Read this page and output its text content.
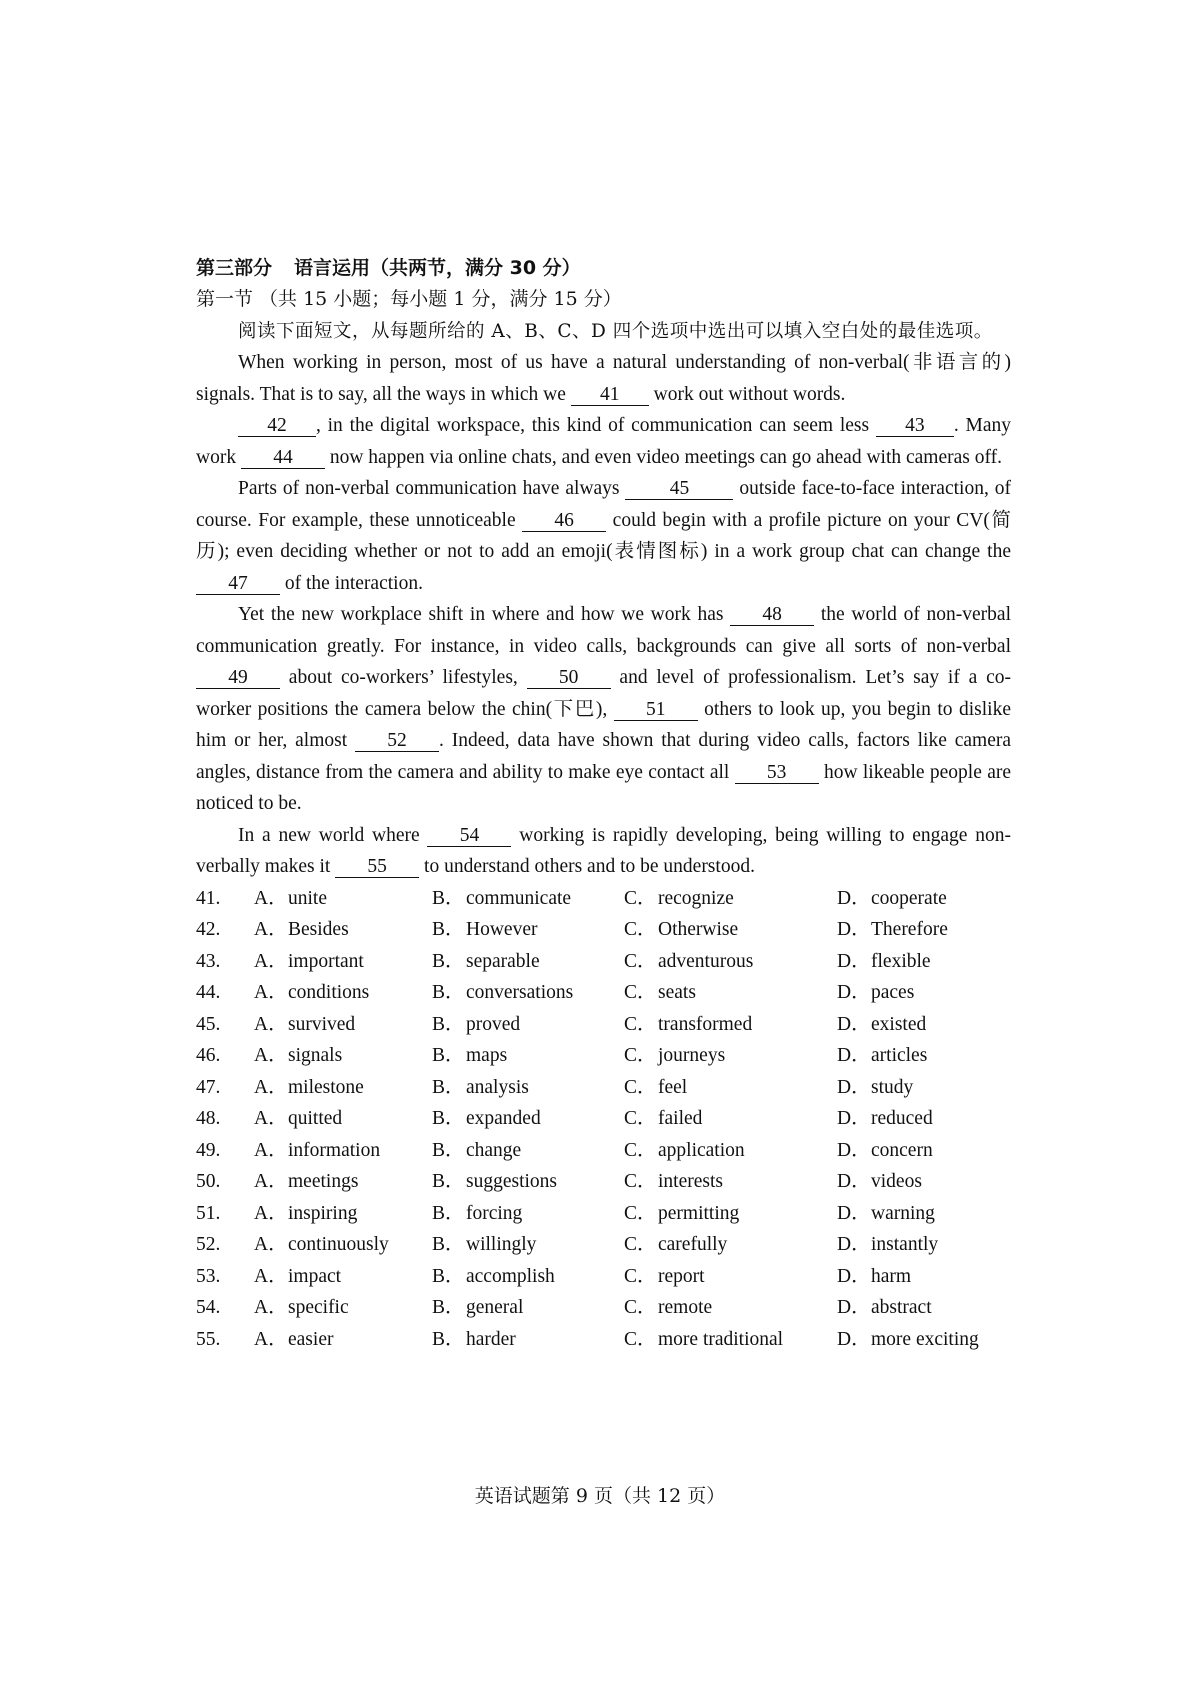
第三部分 语言运用（共两节，满分 30 分）
第一节 （共 15 小题；每小题 1 分，满分 15 分）
阅读下面短文，从每题所给的 A、B、C、D 四个选项中选出可以填入空白处的最佳选项。
When working in person, most of us have a natural understanding of non-verbal(非语言的) signals. That is to say, all the ways in which we 41 work out without words.
42 , in the digital workspace, this kind of communication can seem less 43 . Many work 44 now happen via online chats, and even video meetings can go ahead with cameras off.
Parts of non-verbal communication have always 45 outside face-to-face interaction, of course. For example, these unnoticeable 46 could begin with a profile picture on your CV(简历); even deciding whether or not to add an emoji(表情图标) in a work group chat can change the 47 of the interaction.
Yet the new workplace shift in where and how we work has 48 the world of non-verbal communication greatly. For instance, in video calls, backgrounds can give all sorts of non-verbal 49 about co-workers’ lifestyles, 50 and level of professionalism. Let’s say if a co-worker positions the camera below the chin(下巴), 51 others to look up, you begin to dislike him or her, almost 52 . Indeed, data have shown that during video calls, factors like camera angles, distance from the camera and ability to make eye contact all 53 how likeable people are noticed to be.
In a new world where 54 working is rapidly developing, being willing to engage non-verbally makes it 55 to understand others and to be understood.
41. A．unite	B．communicate	C．recognize	D．cooperate
42. A．Besides	B．However	C．Otherwise	D．Therefore
43. A．important	B．separable	C．adventurous	D．flexible
44. A．conditions	B．conversations	C．seats	D．paces
45. A．survived	B．proved	C．transformed	D．existed
46. A．signals	B．maps	C．journeys	D．articles
47. A．milestone	B．analysis	C．feel	D．study
48. A．quitted	B．expanded	C．failed	D．reduced
49. A．information	B．change	C．application	D．concern
50. A．meetings	B．suggestions	C．interests	D．videos
51. A．inspiring	B．forcing	C．permitting	D．warning
52. A．continuously B．willingly	C．carefully	D．instantly
53. A．impact	B．accomplish	C．report	D．harm
54. A．specific	B．general	C．remote	D．abstract
55. A．easier	B．harder	C．more traditional	D．more exciting
英语试题第 9 页（共 12 页）
